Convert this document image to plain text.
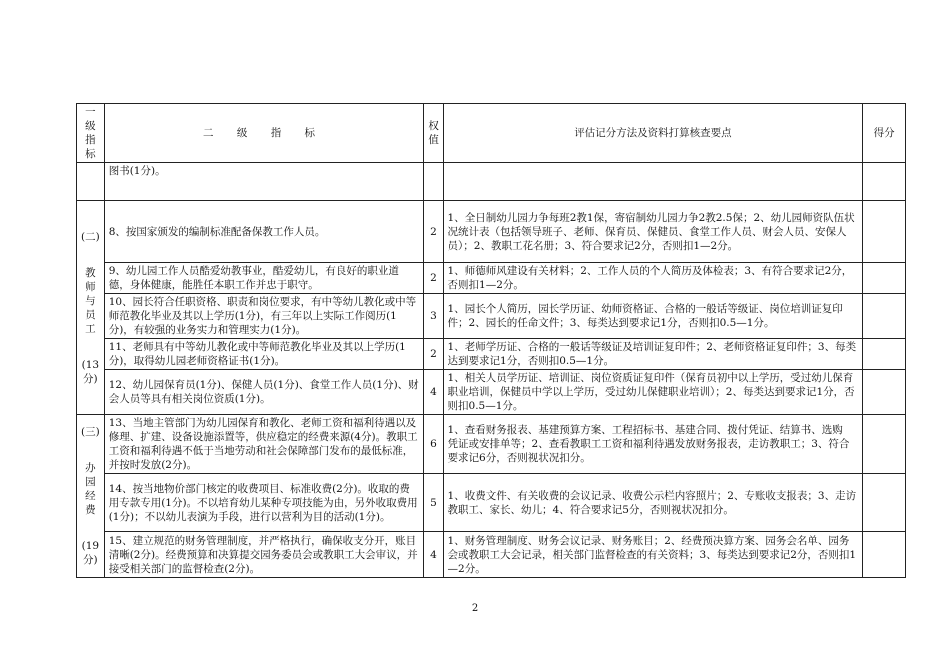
一级指标	二 级 指 标	权值	评估记分方法及资料打算核查要点	得分
	图书(1分)。			

(二)
教师与员工
(13分)	8、按国家颁发的编制标准配备保教工作人员。	2	1、全日制幼儿园力争每班2教1保，寄宿制幼儿园力争2教2.5保；2、幼儿园师资队伍状况统计表（包括领导班子、老师、保育员、保健员、食堂工作人员、财会人员、安保人员）；2、教职工花名册；3、符合要求记2分，否则扣1—2分。	
	9、幼儿园工作人员酷爱幼教事业，酷爱幼儿，有良好的职业道德，身体健康，能胜任本职工作并忠于职守。	2	1、师德师风建设有关材料；2、工作人员的个人简历及体检表；3、有符合要求记2分，否则扣1—2分。	
	10、园长符合任职资格、职责和岗位要求，有中等幼儿教化或中等师范教化毕业及其以上学历(1分)，有三年以上实际工作阅历(1分)，有较强的业务实力和管理实力(1分)。	3	1、园长个人简历，园长学历证、幼师资格证、合格的一般话等级证、岗位培训证复印件；2、园长的任命文件；3、每类达到要求记1分，否则扣0.5—1分。	
	11、老师具有中等幼儿教化或中等师范教化毕业及其以上学历(1分)，取得幼儿园老师资格证书(1分)。	2	1、老师学历证、合格的一般话等级证及培训证复印件；2、老师资格证复印件；3、每类达到要求记1分，否则扣0.5—1分。	
	12、幼儿园保育员(1分)、保健人员(1分)、食堂工作人员(1分)、财会人员等具有相关岗位资质(1分)。	4	1、相关人员学历证、培训证、岗位资质证复印件（保育员初中以上学历，受过幼儿保育职业培训，保健员中学以上学历，受过幼儿保健职业培训）；2、每类达到要求记1分，否则扣0.5—1分。	

(三)
办园经费
(19分)	13、当地主管部门为幼儿园保育和教化、老师工资和福利待遇以及修理、扩建、设备设施添置等，供应稳定的经费来源(4分)。教职工工资和福利待遇不低于当地劳动和社会保障部门发布的最低标准，并按时发放(2分)。	6	1、查看财务报表、基建预算方案、工程招标书、基建合同、拨付凭证、结算书、选购　　凭证或安排单等；2、查看教职工工资和福利待遇发放财务报表，走访教职工；3、符合要求记6分，否则视状况扣分。	
	14、按当地物价部门核定的收费项目、标准收费(2分)。收取的费用专款专用(1分)。不以培育幼儿某种专项技能为由，另外收取费用(1分)；不以幼儿表演为手段，进行以营利为目的活动(1分)。	5	1、收费文件、有关收费的会议记录、收费公示栏内容照片；2、专账收支报表；3、走访教职工、家长、幼儿；4、符合要求记5分，否则视状况扣分。	
	15、建立规范的财务管理制度，并严格执行，确保收支分开，账目清晰(2分)。经费预算和决算提交园务委员会或教职工大会审议，并接受相关部门的监督检查(2分)。	4	1、财务管理制度、财务会议记录、财务账目；2、经费预决算方案、园务会名单、园务会或教职工大会记录，相关部门监督检查的有关资料；3、每类达到要求记2分，否则扣1—2分。	
2
